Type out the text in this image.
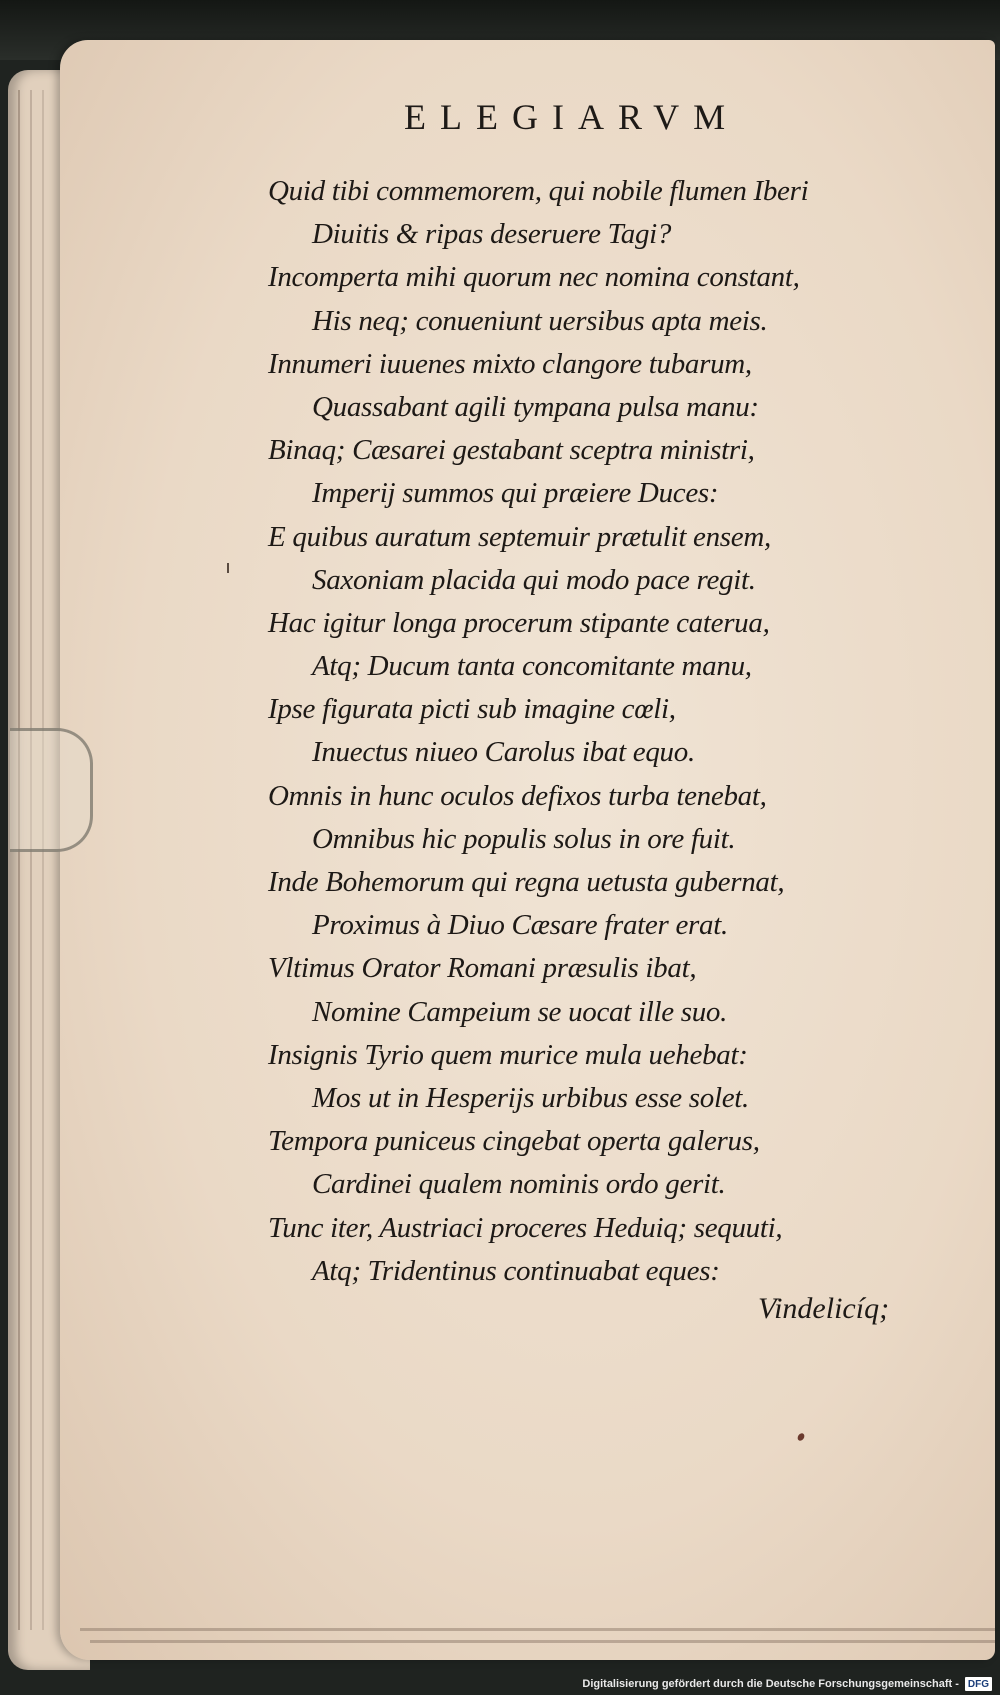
ELEGIARVM
Quid tibi commemorem, qui nobile flumen Iberi
Diuitis & ripas deseruere Tagi?
Incomperta mihi quorum nec nomina constant,
His neq; conueniunt uersibus apta meis.
Innumeri iuuenes mixto clangore tubarum,
Quassabant agili tympana pulsa manu:
Binaq; Cæsarei gestabant sceptra ministri,
Imperij summos qui præiere Duces:
E quibus auratum septemuir prætulit ensem,
Saxoniam placida qui modo pace regit.
Hac igitur longa procerum stipante caterua,
Atq; Ducum tanta concomitante manu,
Ipse figurata picti sub imagine cœli,
Inuectus niueo Carolus ibat equo.
Omnis in hunc oculos defixos turba tenebat,
Omnibus hic populis solus in ore fuit.
Inde Bohemorum qui regna uetusta gubernat,
Proximus à Diuo Cæsare frater erat.
Vltimus Orator Romani præsulis ibat,
Nomine Campeium se uocat ille suo.
Insignis Tyrio quem murice mula uehebat:
Mos ut in Hesperijs urbibus esse solet.
Tempora puniceus cingebat operta galerus,
Cardinei qualem nominis ordo gerit.
Tunc iter, Austriaci proceres Heduiq; sequuti,
Atq; Tridentinus continuabat eques:
Vindelicíq;
Digitalisierung gefördert durch die Deutsche Forschungsgemeinschaft - DFG
